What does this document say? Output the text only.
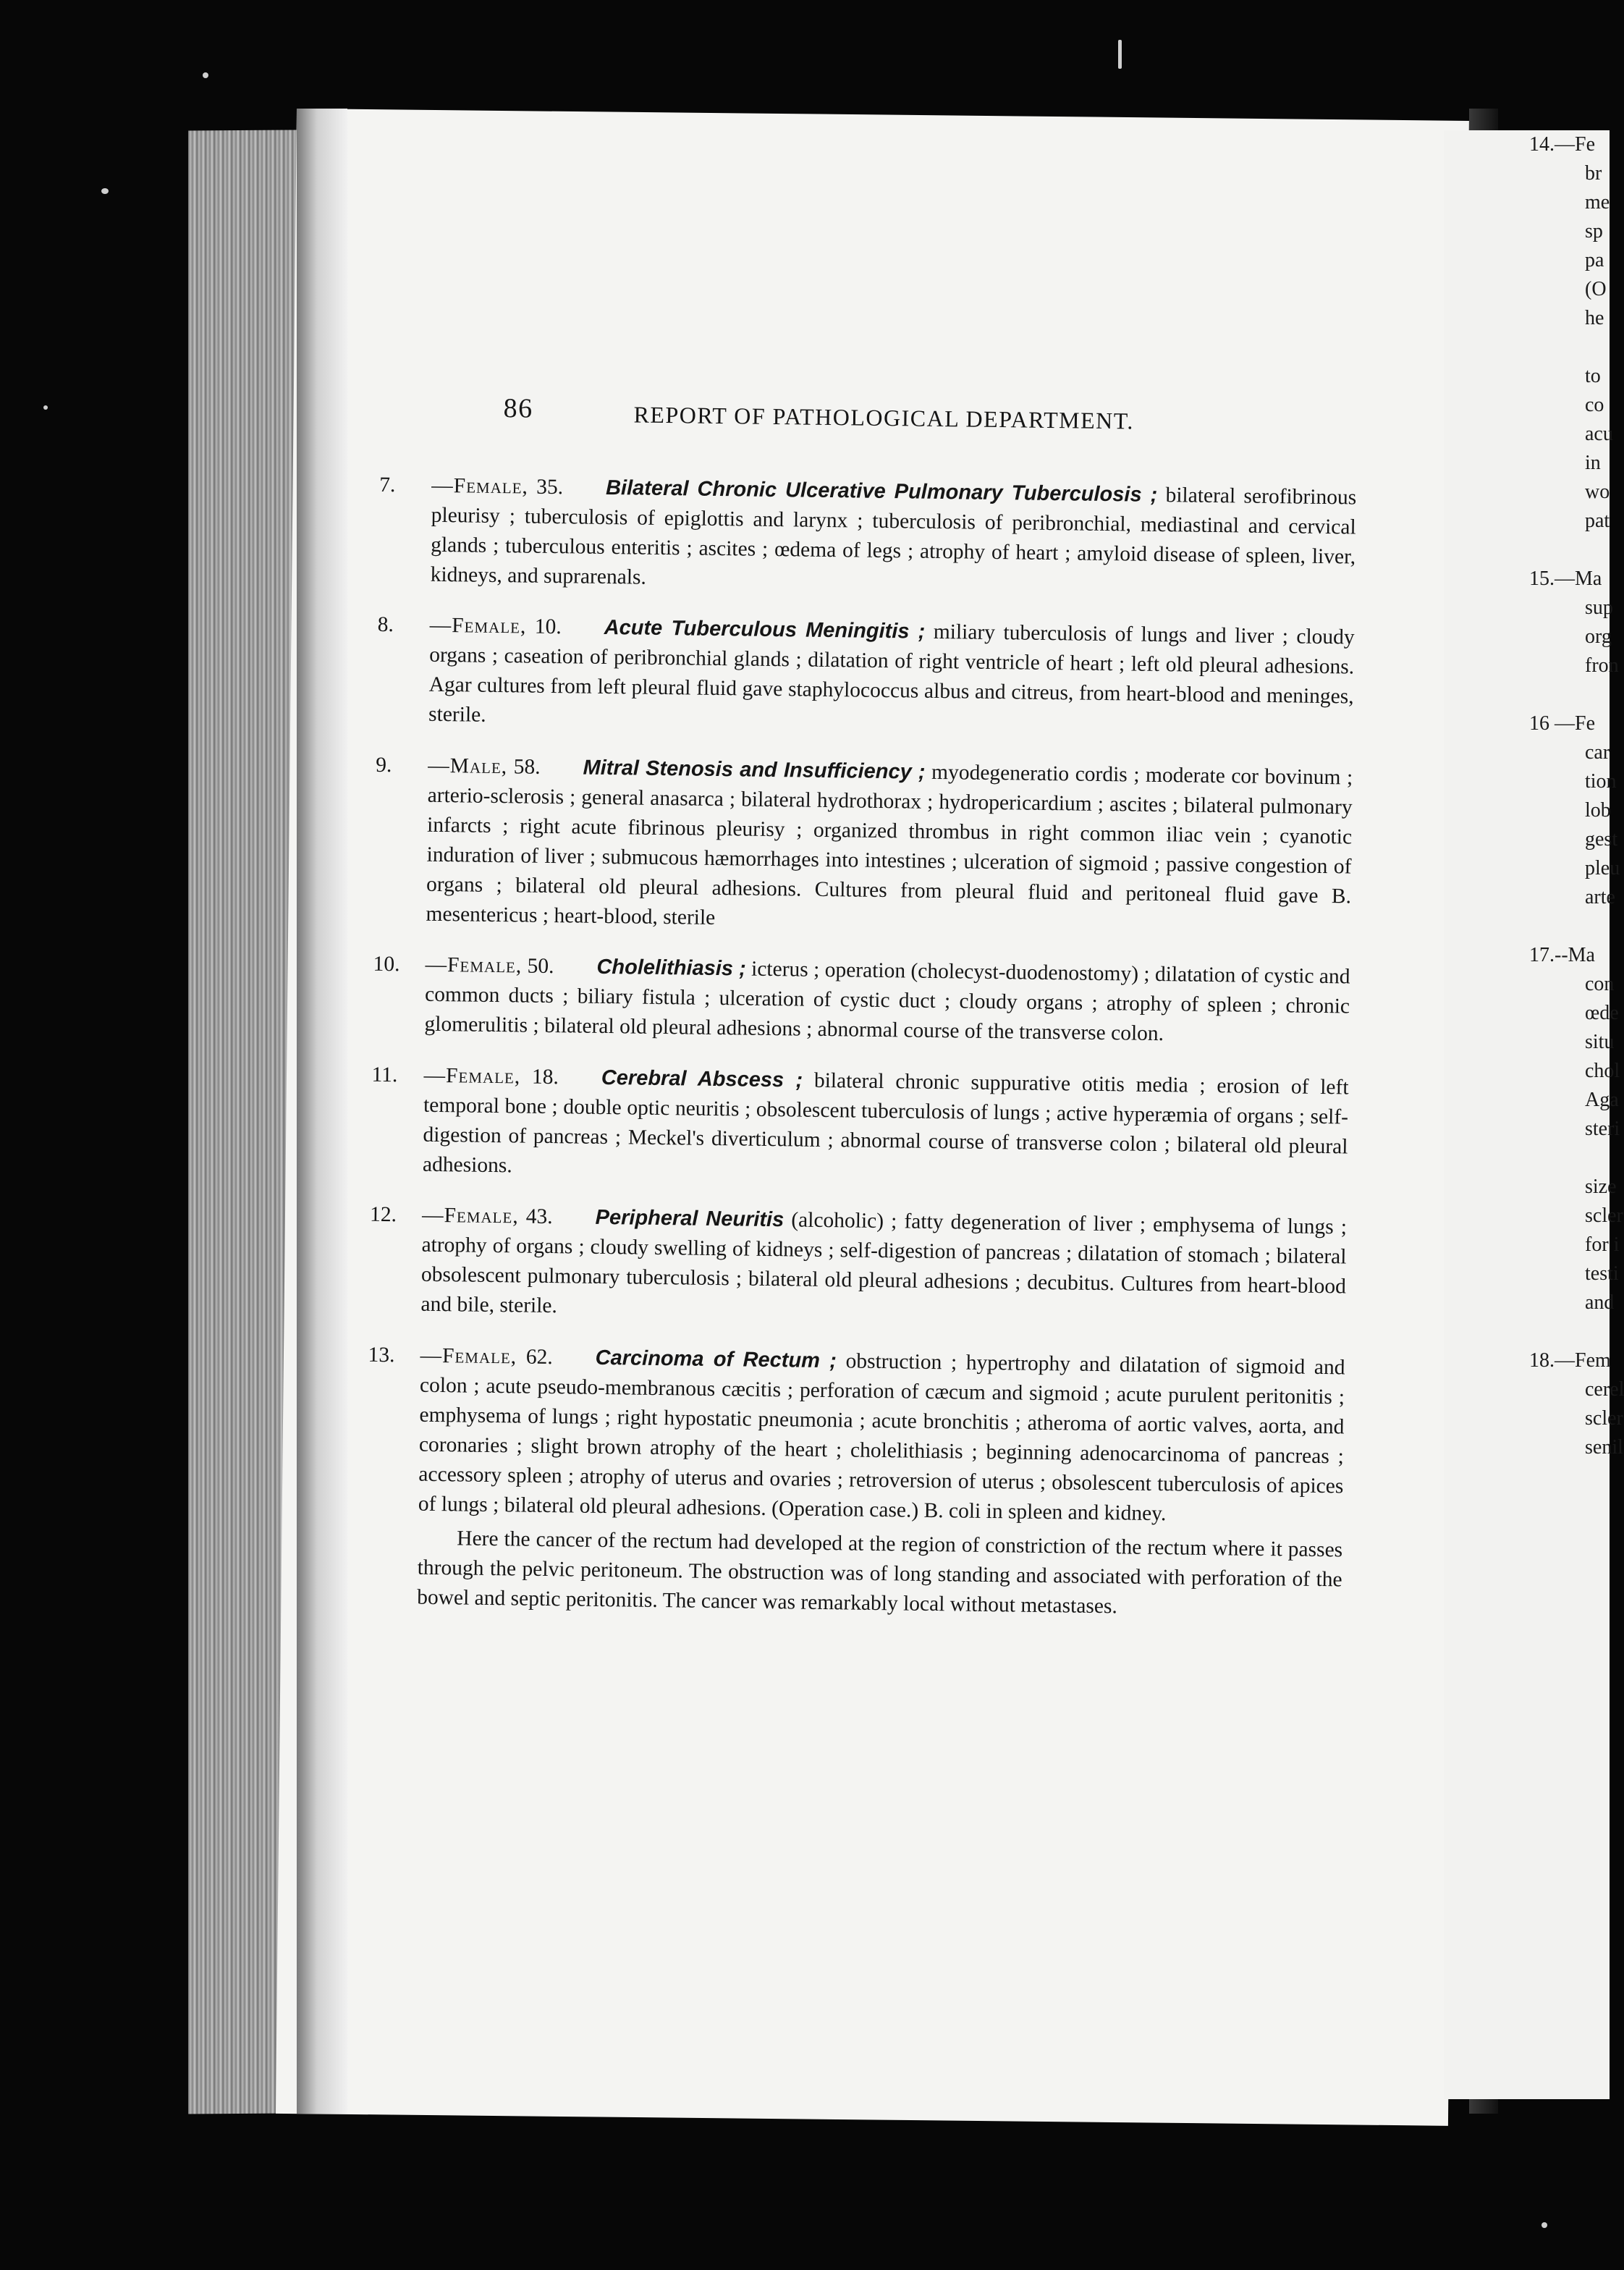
14.—Fe
br
me
sp
pa
(O
he
to
co
acu
in
wo
pat
15.—Ma
sup
org
fron
16 —Fe
car
tion
lob
gest
pleu
arte
17.--Ma
con
œde
situ
chol
Aga
steri
size
scler
for i
testi
and
18.—Fem
cerel
scler
senil
86	REPORT OF PATHOLOGICAL DEPARTMENT.

7. —Female, 35.   Bilateral Chronic Ulcerative Pulmonary Tuberculosis ; bilateral serofibrinous pleurisy ; tuberculosis of epiglottis and larynx ; tuberculosis of peribronchial, mediastinal and cervical glands ; tuberculous enteritis ; ascites ; œdema of legs ; atrophy of heart ; amyloid disease of spleen, liver, kidneys, and suprarenals.

8. —Female, 10.   Acute Tuberculous Meningitis ; miliary tuberculosis of lungs and liver ; cloudy organs ; caseation of peribronchial glands ; dilatation of right ventricle of heart ; left old pleural adhesions. Agar cultures from left pleural fluid gave staphylococcus albus and citreus, from heart-blood and meninges, sterile.

9. —Male, 58.   Mitral Stenosis and Insufficiency ; myodegeneratio cordis ; moderate cor bovinum ; arterio-sclerosis ; general anasarca ; bilateral hydrothorax ; hydropericardium ; ascites ; bilateral pulmonary infarcts ; right acute fibrinous pleurisy ; organized thrombus in right common iliac vein ; cyanotic induration of liver ; submucous hæmorrhages into intestines ; ulceration of sigmoid ; passive congestion of organs ; bilateral old pleural adhesions. Cultures from pleural fluid and peritoneal fluid gave B. mesentericus ; heart-blood, sterile

10. —Female, 50.   Cholelithiasis ; icterus ; operation (cholecyst-duodenostomy) ; dilatation of cystic and common ducts ; biliary fistula ; ulceration of cystic duct ; cloudy organs ; atrophy of spleen ; chronic glomerulitis ; bilateral old pleural adhesions ; abnormal course of the transverse colon.

11. —Female, 18.   Cerebral Abscess ; bilateral chronic suppurative otitis media ; erosion of left temporal bone ; double optic neuritis ; obsolescent tuberculosis of lungs ; active hyperæmia of organs ; self-digestion of pancreas ; Meckel's diverticulum ; abnormal course of transverse colon ; bilateral old pleural adhesions.

12. —Female, 43.   Peripheral Neuritis (alcoholic) ; fatty degeneration of liver ; emphysema of lungs ; atrophy of organs ; cloudy swelling of kidneys ; self-digestion of pancreas ; dilatation of stomach ; bilateral obsolescent pulmonary tuberculosis ; bilateral old pleural adhesions ; decubitus. Cultures from heart-blood and bile, sterile.

13. —Female, 62.   Carcinoma of Rectum ; obstruction ; hypertrophy and dilatation of sigmoid and colon ; acute pseudo-membranous cæcitis ; perforation of cæcum and sigmoid ; acute purulent peritonitis ; emphysema of lungs ; right hypostatic pneumonia ; acute bronchitis ; atheroma of aortic valves, aorta, and coronaries ; slight brown atrophy of the heart ; cholelithiasis ; beginning adenocarcinoma of pancreas ; accessory spleen ; atrophy of uterus and ovaries ; retroversion of uterus ; obsolescent tuberculosis of apices of lungs ; bilateral old pleural adhesions. (Operation case.) B. coli in spleen and kidney.

Here the cancer of the rectum had developed at the region of constriction of the rectum where it passes through the pelvic peritoneum. The obstruction was of long standing and associated with perforation of the bowel and septic peritonitis. The cancer was remarkably local without metastases.
